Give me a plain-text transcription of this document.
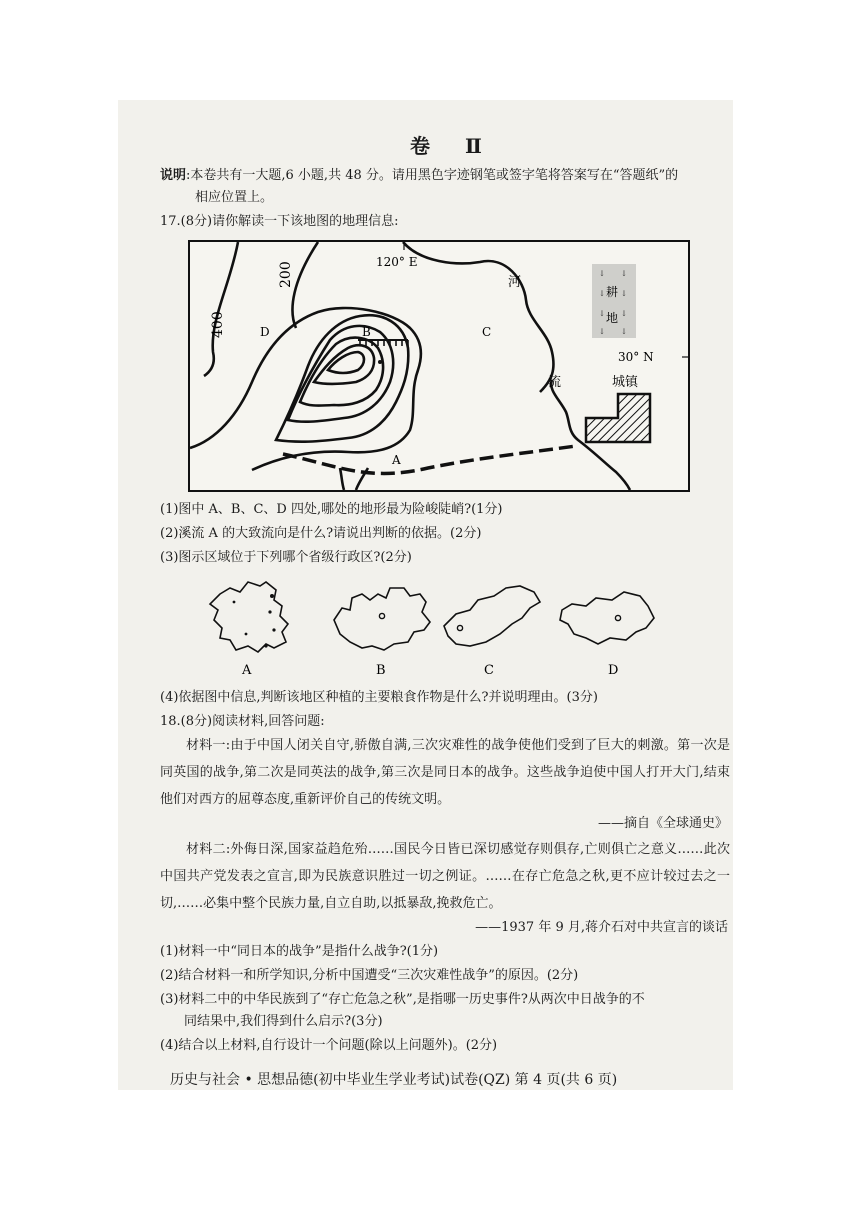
卷 Ⅱ
说明:本卷共有一大题,6 小题,共 48 分。请用黑色字迹钢笔或签字笔将答案写在“答题纸”的
相应位置上。
17.(8分)请你解读一下该地图的地理信息:
↓ ↓
↓ ↓
↓ ↓
↓ ↓
120° E
30° N
200
400	B	C
D
A
河
流
耕
地
城镇
(1)图中 A、B、C、D 四处,哪处的地形最为险峻陡峭?(1分)
(2)溪流 A 的大致流向是什么?请说出判断的依据。(2分)
(3)图示区域位于下列哪个省级行政区?(2分)
A	B	C	D
(4)依据图中信息,判断该地区种植的主要粮食作物是什么?并说明理由。(3分)
18.(8分)阅读材料,回答问题:
材料一:由于中国人闭关自守,骄傲自满,三次灾难性的战争使他们受到了巨大的刺激。第一次是同英国的战争,第二次是同英法的战争,第三次是同日本的战争。这些战争迫使中国人打开大门,结束他们对西方的屈尊态度,重新评价自己的传统文明。
——摘自《全球通史》
材料二:外侮日深,国家益趋危殆……国民今日皆已深切感觉存则俱存,亡则俱亡之意义……此次中国共产党发表之宣言,即为民族意识胜过一切之例证。……在存亡危急之秋,更不应计较过去之一切,……必集中整个民族力量,自立自助,以抵暴敌,挽救危亡。
——1937 年 9 月,蒋介石对中共宣言的谈话
(1)材料一中“同日本的战争”是指什么战争?(1分)
(2)结合材料一和所学知识,分析中国遭受“三次灾难性战争”的原因。(2分)
(3)材料二中的中华民族到了“存亡危急之秋”,是指哪一历史事件?从两次中日战争的不
同结果中,我们得到什么启示?(3分)
(4)结合以上材料,自行设计一个问题(除以上问题外)。(2分)
历史与社会 • 思想品德(初中毕业生学业考试)试卷(QZ) 第 4 页(共 6 页)
